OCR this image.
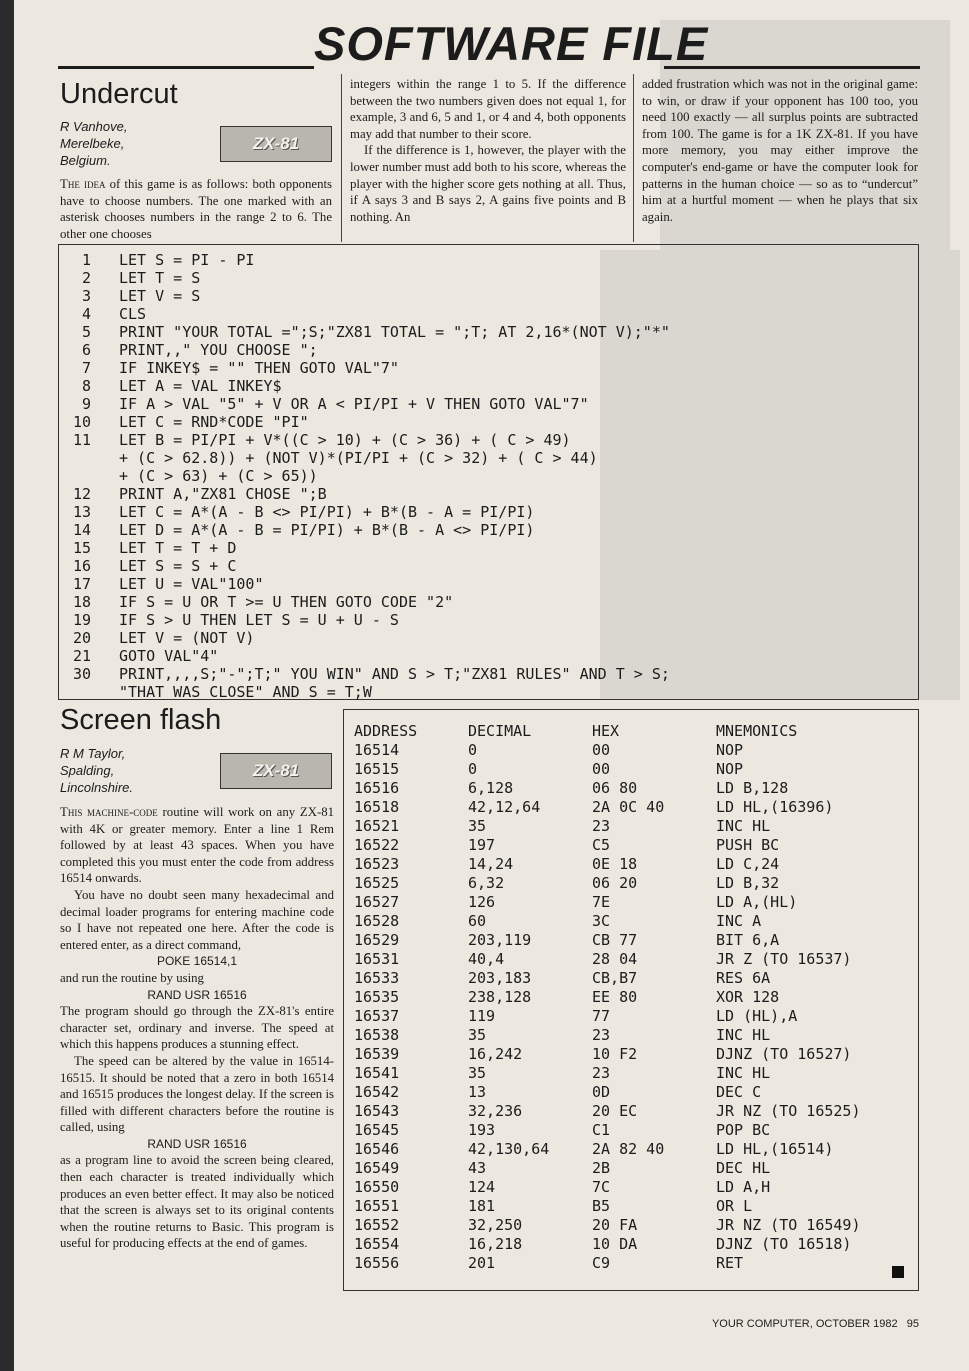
SOFTWARE FILE
Undercut
R Vanhove,
Merelbeke,
Belgium.
ZX-81

The idea of this game is as follows: both opponents have to choose numbers. The one marked with an asterisk chooses numbers in the range 2 to 6. The other one chooses

integers within the range 1 to 5. If the difference between the two numbers given does not equal 1, for example, 3 and 6, 5 and 1, or 4 and 4, both opponents may add that number to their score.

If the difference is 1, however, the player with the lower number must add both to his score, whereas the player with the higher score gets nothing at all. Thus, if A says 3 and B says 2, A gains five points and B nothing. An

added frustration which was not in the original game: to win, or draw if your opponent has 100 too, you need 100 exactly — all surplus points are subtracted from 100. The game is for a 1K ZX-81. If you have more memory, you may either improve the computer's end-game or have the computer look for patterns in the human choice — so as to “undercut” him at a hurtful moment — when he plays that six again.

1 LET S = PI - PI
2 LET T = S
3 LET V = S
4 CLS
5 PRINT "YOUR TOTAL =";S;"ZX81 TOTAL = ";T; AT 2,16*(NOT V);"*"
6 PRINT,," YOU CHOOSE ";
7 IF INKEY$ = "" THEN GOTO VAL"7"
8 LET A = VAL INKEY$
9 IF A > VAL "5" + V OR A < PI/PI + V THEN GOTO VAL"7"
10 LET C = RND*CODE "PI"
11 LET B = PI/PI + V*((C > 10) + (C > 36) + ( C > 49)
+ (C > 62.8)) + (NOT V)*(PI/PI + (C > 32) + ( C > 44)
+ (C > 63) + (C > 65))
12 PRINT A,"ZX81 CHOSE ";B
13 LET C = A*(A - B <> PI/PI) + B*(B - A = PI/PI)
14 LET D = A*(A - B = PI/PI) + B*(B - A <> PI/PI)
15 LET T = T + D
16 LET S = S + C
17 LET U = VAL"100"
18 IF S = U OR T >= U THEN GOTO CODE "2"
19 IF S > U THEN LET S = U + U - S
20 LET V = (NOT V)
21 GOTO VAL"4"
30 PRINT,,,,S;"-";T;" YOU WIN" AND S > T;"ZX81 RULES" AND T > S;
"THAT WAS CLOSE" AND S = T;W
Screen flash
R M Taylor,
Spalding,
Lincolnshire.
ZX-81

This machine-code routine will work on any ZX-81 with 4K or greater memory. Enter a line 1 Rem followed by at least 43 spaces. When you have completed this you must enter the code from address 16514 onwards.

You have no doubt seen many hexadecimal and decimal loader programs for entering machine code so I have not repeated one here. After the code is entered enter, as a direct command,

POKE 16514,1

and run the routine by using

RAND USR 16516

The program should go through the ZX-81's entire character set, ordinary and inverse. The speed at which this happens produces a stunning effect.

The speed can be altered by the value in 16514-16515. It should be noted that a zero in both 16514 and 16515 produces the longest delay. If the screen is filled with different characters before the routine is called, using

RAND USR 16516

as a program line to avoid the screen being cleared, then each character is treated individually which produces an even better effect. It may also be noticed that the screen is always set to its original contents when the routine returns to Basic. This program is useful for producing effects at the end of games.

ADDRESS	DECIMAL	HEX	MNEMONICS
16514	0	00	NOP
16515	0	00	NOP
16516	6,128	06 80	LD B,128
16518	42,12,64	2A 0C 40	LD HL,(16396)
16521	35	23	INC HL
16522	197	C5	PUSH BC
16523	14,24	0E 18	LD C,24
16525	6,32	06 20	LD B,32
16527	126	7E	LD A,(HL)
16528	60	3C	INC A
16529	203,119	CB 77	BIT 6,A
16531	40,4	28 04	JR Z (TO 16537)
16533	203,183	CB,B7	RES 6A
16535	238,128	EE 80	XOR 128
16537	119	77	LD (HL),A
16538	35	23	INC HL
16539	16,242	10 F2	DJNZ (TO 16527)
16541	35	23	INC HL
16542	13	0D	DEC C
16543	32,236	20 EC	JR NZ (TO 16525)
16545	193	C1	POP BC
16546	42,130,64	2A 82 40	LD HL,(16514)
16549	43	2B	DEC HL
16550	124	7C	LD A,H
16551	181	B5	OR L
16552	32,250	20 FA	JR NZ (TO 16549)
16554	16,218	10 DA	DJNZ (TO 16518)
16556	201	C9	RET
YOUR COMPUTER, OCTOBER 1982 95
